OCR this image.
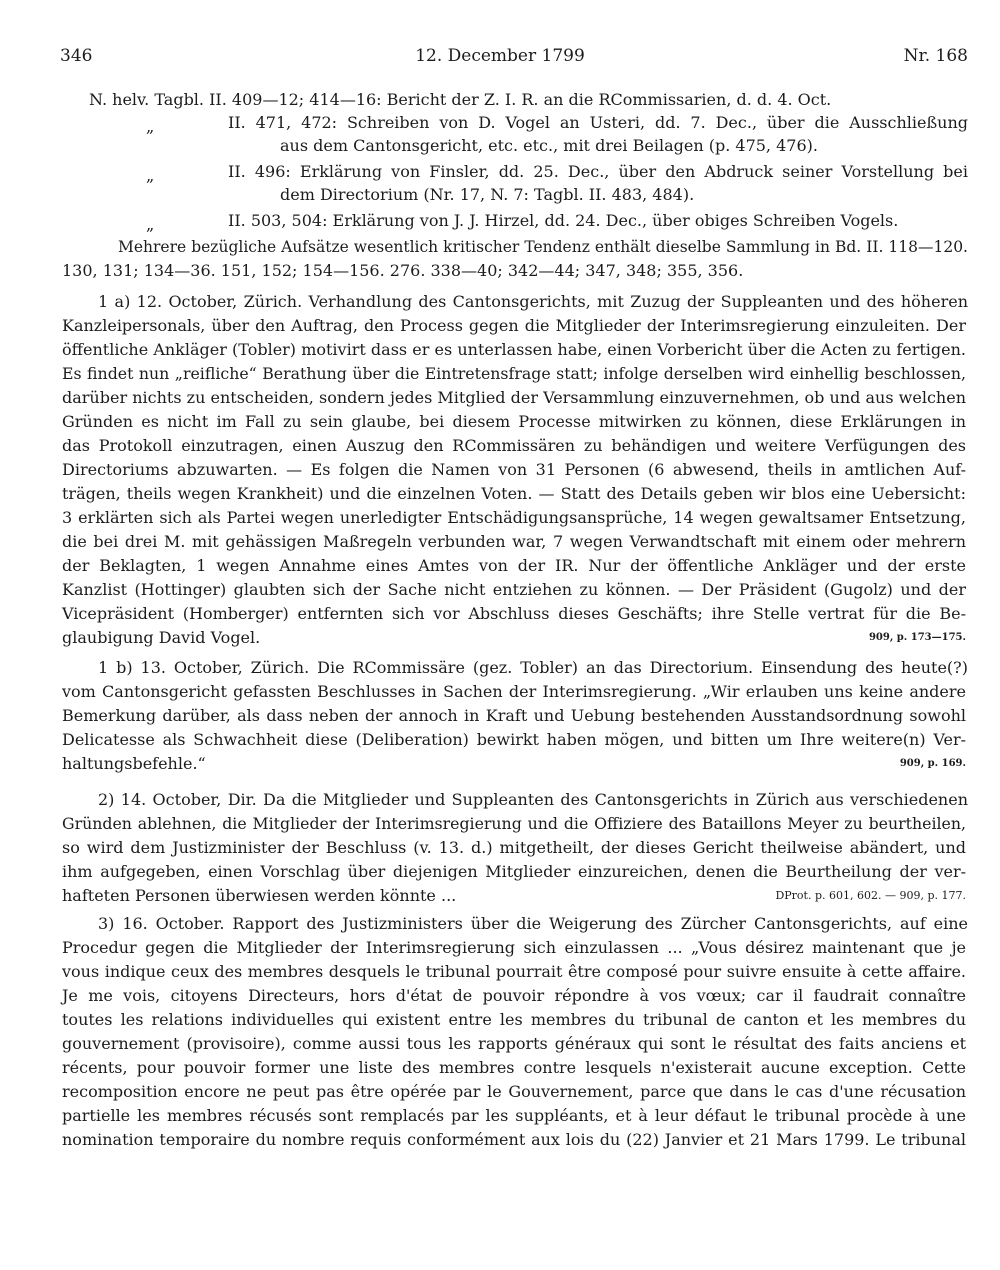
346	12. December 1799	Nr. 168
N. helv. Tagbl. II. 409—12; 414—16: Bericht der Z. I. R. an die RCommissarien, d. d. 4. Oct.
„	II. 471, 472: Schreiben von D. Vogel an Usteri, dd. 7. Dec., über die Ausschließung
aus dem Cantonsgericht, etc. etc., mit drei Beilagen (p. 475, 476).
„	II. 496: Erklärung von Finsler, dd. 25. Dec., über den Abdruck seiner Vorstellung bei
dem Directorium (Nr. 17, N. 7: Tagbl. II. 483, 484).
„	II. 503, 504: Erklärung von J. J. Hirzel, dd. 24. Dec., über obiges Schreiben Vogels.
Mehrere bezügliche Aufsätze wesentlich kritischer Tendenz enthält dieselbe Sammlung in Bd. II. 118—120.
130, 131; 134—36. 151, 152; 154—156. 276. 338—40; 342—44; 347, 348; 355, 356.
1 a) 12. October, Zürich. Verhandlung des Cantonsgerichts, mit Zuzug der Suppleanten und des höheren
Kanzleipersonals, über den Auftrag, den Process gegen die Mitglieder der Interimsregierung einzuleiten. Der
öffentliche Ankläger (Tobler) motivirt dass er es unterlassen habe, einen Vorbericht über die Acten zu fertigen.
Es findet nun „reifliche“ Berathung über die Eintretensfrage statt; infolge derselben wird einhellig beschlossen,
darüber nichts zu entscheiden, sondern jedes Mitglied der Versammlung einzuvernehmen, ob und aus welchen
Gründen es nicht im Fall zu sein glaube, bei diesem Processe mitwirken zu können, diese Erklärungen in
das Protokoll einzutragen, einen Auszug den RCommissären zu behändigen und weitere Verfügungen des
Directoriums abzuwarten. — Es folgen die Namen von 31 Personen (6 abwesend, theils in amtlichen Auf-
trägen, theils wegen Krankheit) und die einzelnen Voten. — Statt des Details geben wir blos eine Uebersicht:
3 erklärten sich als Partei wegen unerledigter Entschädigungsansprüche, 14 wegen gewaltsamer Entsetzung,
die bei drei M. mit gehässigen Maßregeln verbunden war, 7 wegen Verwandtschaft mit einem oder mehrern
der Beklagten, 1 wegen Annahme eines Amtes von der IR. Nur der öffentliche Ankläger und der erste
Kanzlist (Hottinger) glaubten sich der Sache nicht entziehen zu können. — Der Präsident (Gugolz) und der
Vicepräsident (Homberger) entfernten sich vor Abschluss dieses Geschäfts; ihre Stelle vertrat für die Be-
glaubigung David Vogel.	909, p. 173—175.
1 b) 13. October, Zürich. Die RCommissäre (gez. Tobler) an das Directorium. Einsendung des heute(?)
vom Cantonsgericht gefassten Beschlusses in Sachen der Interimsregierung. „Wir erlauben uns keine andere
Bemerkung darüber, als dass neben der annoch in Kraft und Uebung bestehenden Ausstandsordnung sowohl
Delicatesse als Schwachheit diese (Deliberation) bewirkt haben mögen, und bitten um Ihre weitere(n) Ver-
haltungsbefehle.“	909, p. 169.
2) 14. October, Dir. Da die Mitglieder und Suppleanten des Cantonsgerichts in Zürich aus verschiedenen
Gründen ablehnen, die Mitglieder der Interimsregierung und die Offiziere des Bataillons Meyer zu beurtheilen,
so wird dem Justizminister der Beschluss (v. 13. d.) mitgetheilt, der dieses Gericht theilweise abändert, und
ihm aufgegeben, einen Vorschlag über diejenigen Mitglieder einzureichen, denen die Beurtheilung der ver-
hafteten Personen überwiesen werden könnte ...	DProt. p. 601, 602. — 909, p. 177.
3) 16. October. Rapport des Justizministers über die Weigerung des Zürcher Cantonsgerichts, auf eine
Procedur gegen die Mitglieder der Interimsregierung sich einzulassen ... „Vous désirez maintenant que je
vous indique ceux des membres desquels le tribunal pourrait être composé pour suivre ensuite à cette affaire.
Je me vois, citoyens Directeurs, hors d'état de pouvoir répondre à vos vœux; car il faudrait connaître
toutes les relations individuelles qui existent entre les membres du tribunal de canton et les membres du
gouvernement (provisoire), comme aussi tous les rapports généraux qui sont le résultat des faits anciens et
récents, pour pouvoir former une liste des membres contre lesquels n'existerait aucune exception. Cette
recomposition encore ne peut pas être opérée par le Gouvernement, parce que dans le cas d'une récusation
partielle les membres récusés sont remplacés par les suppléants, et à leur défaut le tribunal procède à une
nomination temporaire du nombre requis conformément aux lois du (22) Janvier et 21 Mars 1799. Le tribunal
